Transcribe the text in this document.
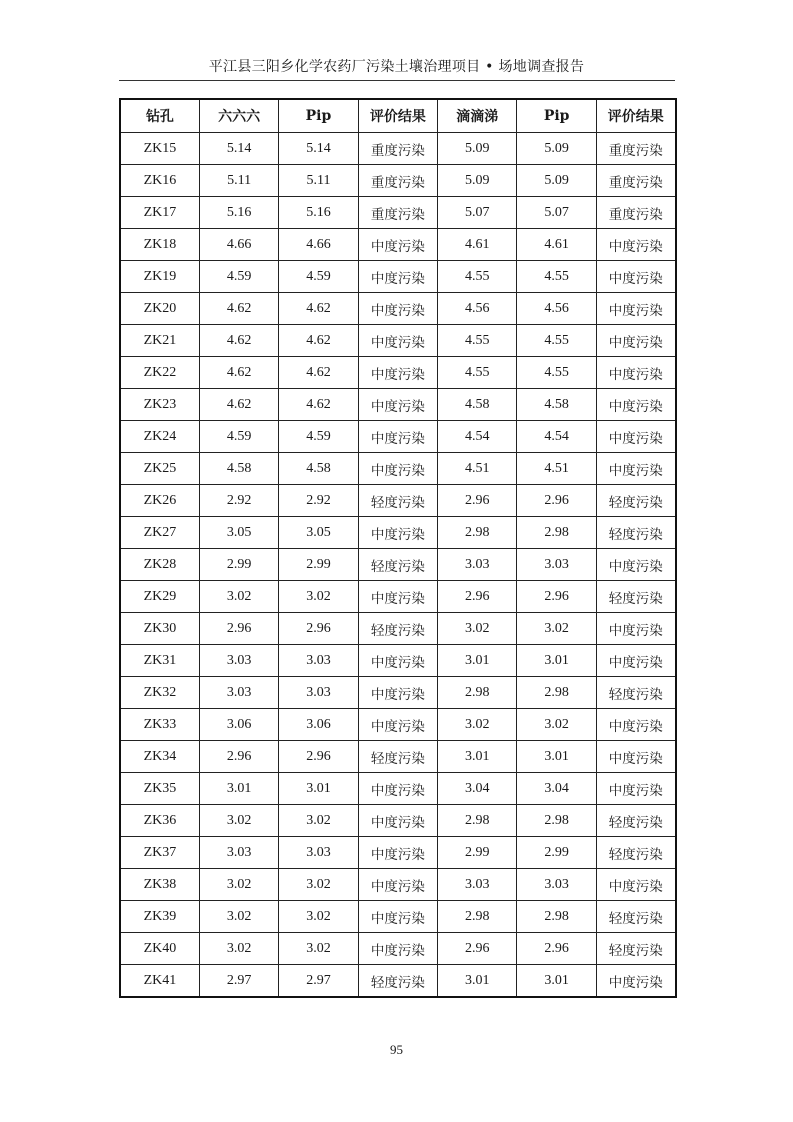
平江县三阳乡化学农药厂污染土壤治理项目 • 场地调查报告
钻孔	六六六	Pip	评价结果	滴滴涕	Pip	评价结果
ZK15	5.14	5.14	重度污染	5.09	5.09	重度污染
ZK16	5.11	5.11	重度污染	5.09	5.09	重度污染
ZK17	5.16	5.16	重度污染	5.07	5.07	重度污染
ZK18	4.66	4.66	中度污染	4.61	4.61	中度污染
ZK19	4.59	4.59	中度污染	4.55	4.55	中度污染
ZK20	4.62	4.62	中度污染	4.56	4.56	中度污染
ZK21	4.62	4.62	中度污染	4.55	4.55	中度污染
ZK22	4.62	4.62	中度污染	4.55	4.55	中度污染
ZK23	4.62	4.62	中度污染	4.58	4.58	中度污染
ZK24	4.59	4.59	中度污染	4.54	4.54	中度污染
ZK25	4.58	4.58	中度污染	4.51	4.51	中度污染
ZK26	2.92	2.92	轻度污染	2.96	2.96	轻度污染
ZK27	3.05	3.05	中度污染	2.98	2.98	轻度污染
ZK28	2.99	2.99	轻度污染	3.03	3.03	中度污染
ZK29	3.02	3.02	中度污染	2.96	2.96	轻度污染
ZK30	2.96	2.96	轻度污染	3.02	3.02	中度污染
ZK31	3.03	3.03	中度污染	3.01	3.01	中度污染
ZK32	3.03	3.03	中度污染	2.98	2.98	轻度污染
ZK33	3.06	3.06	中度污染	3.02	3.02	中度污染
ZK34	2.96	2.96	轻度污染	3.01	3.01	中度污染
ZK35	3.01	3.01	中度污染	3.04	3.04	中度污染
ZK36	3.02	3.02	中度污染	2.98	2.98	轻度污染
ZK37	3.03	3.03	中度污染	2.99	2.99	轻度污染
ZK38	3.02	3.02	中度污染	3.03	3.03	中度污染
ZK39	3.02	3.02	中度污染	2.98	2.98	轻度污染
ZK40	3.02	3.02	中度污染	2.96	2.96	轻度污染
ZK41	2.97	2.97	轻度污染	3.01	3.01	中度污染
95
